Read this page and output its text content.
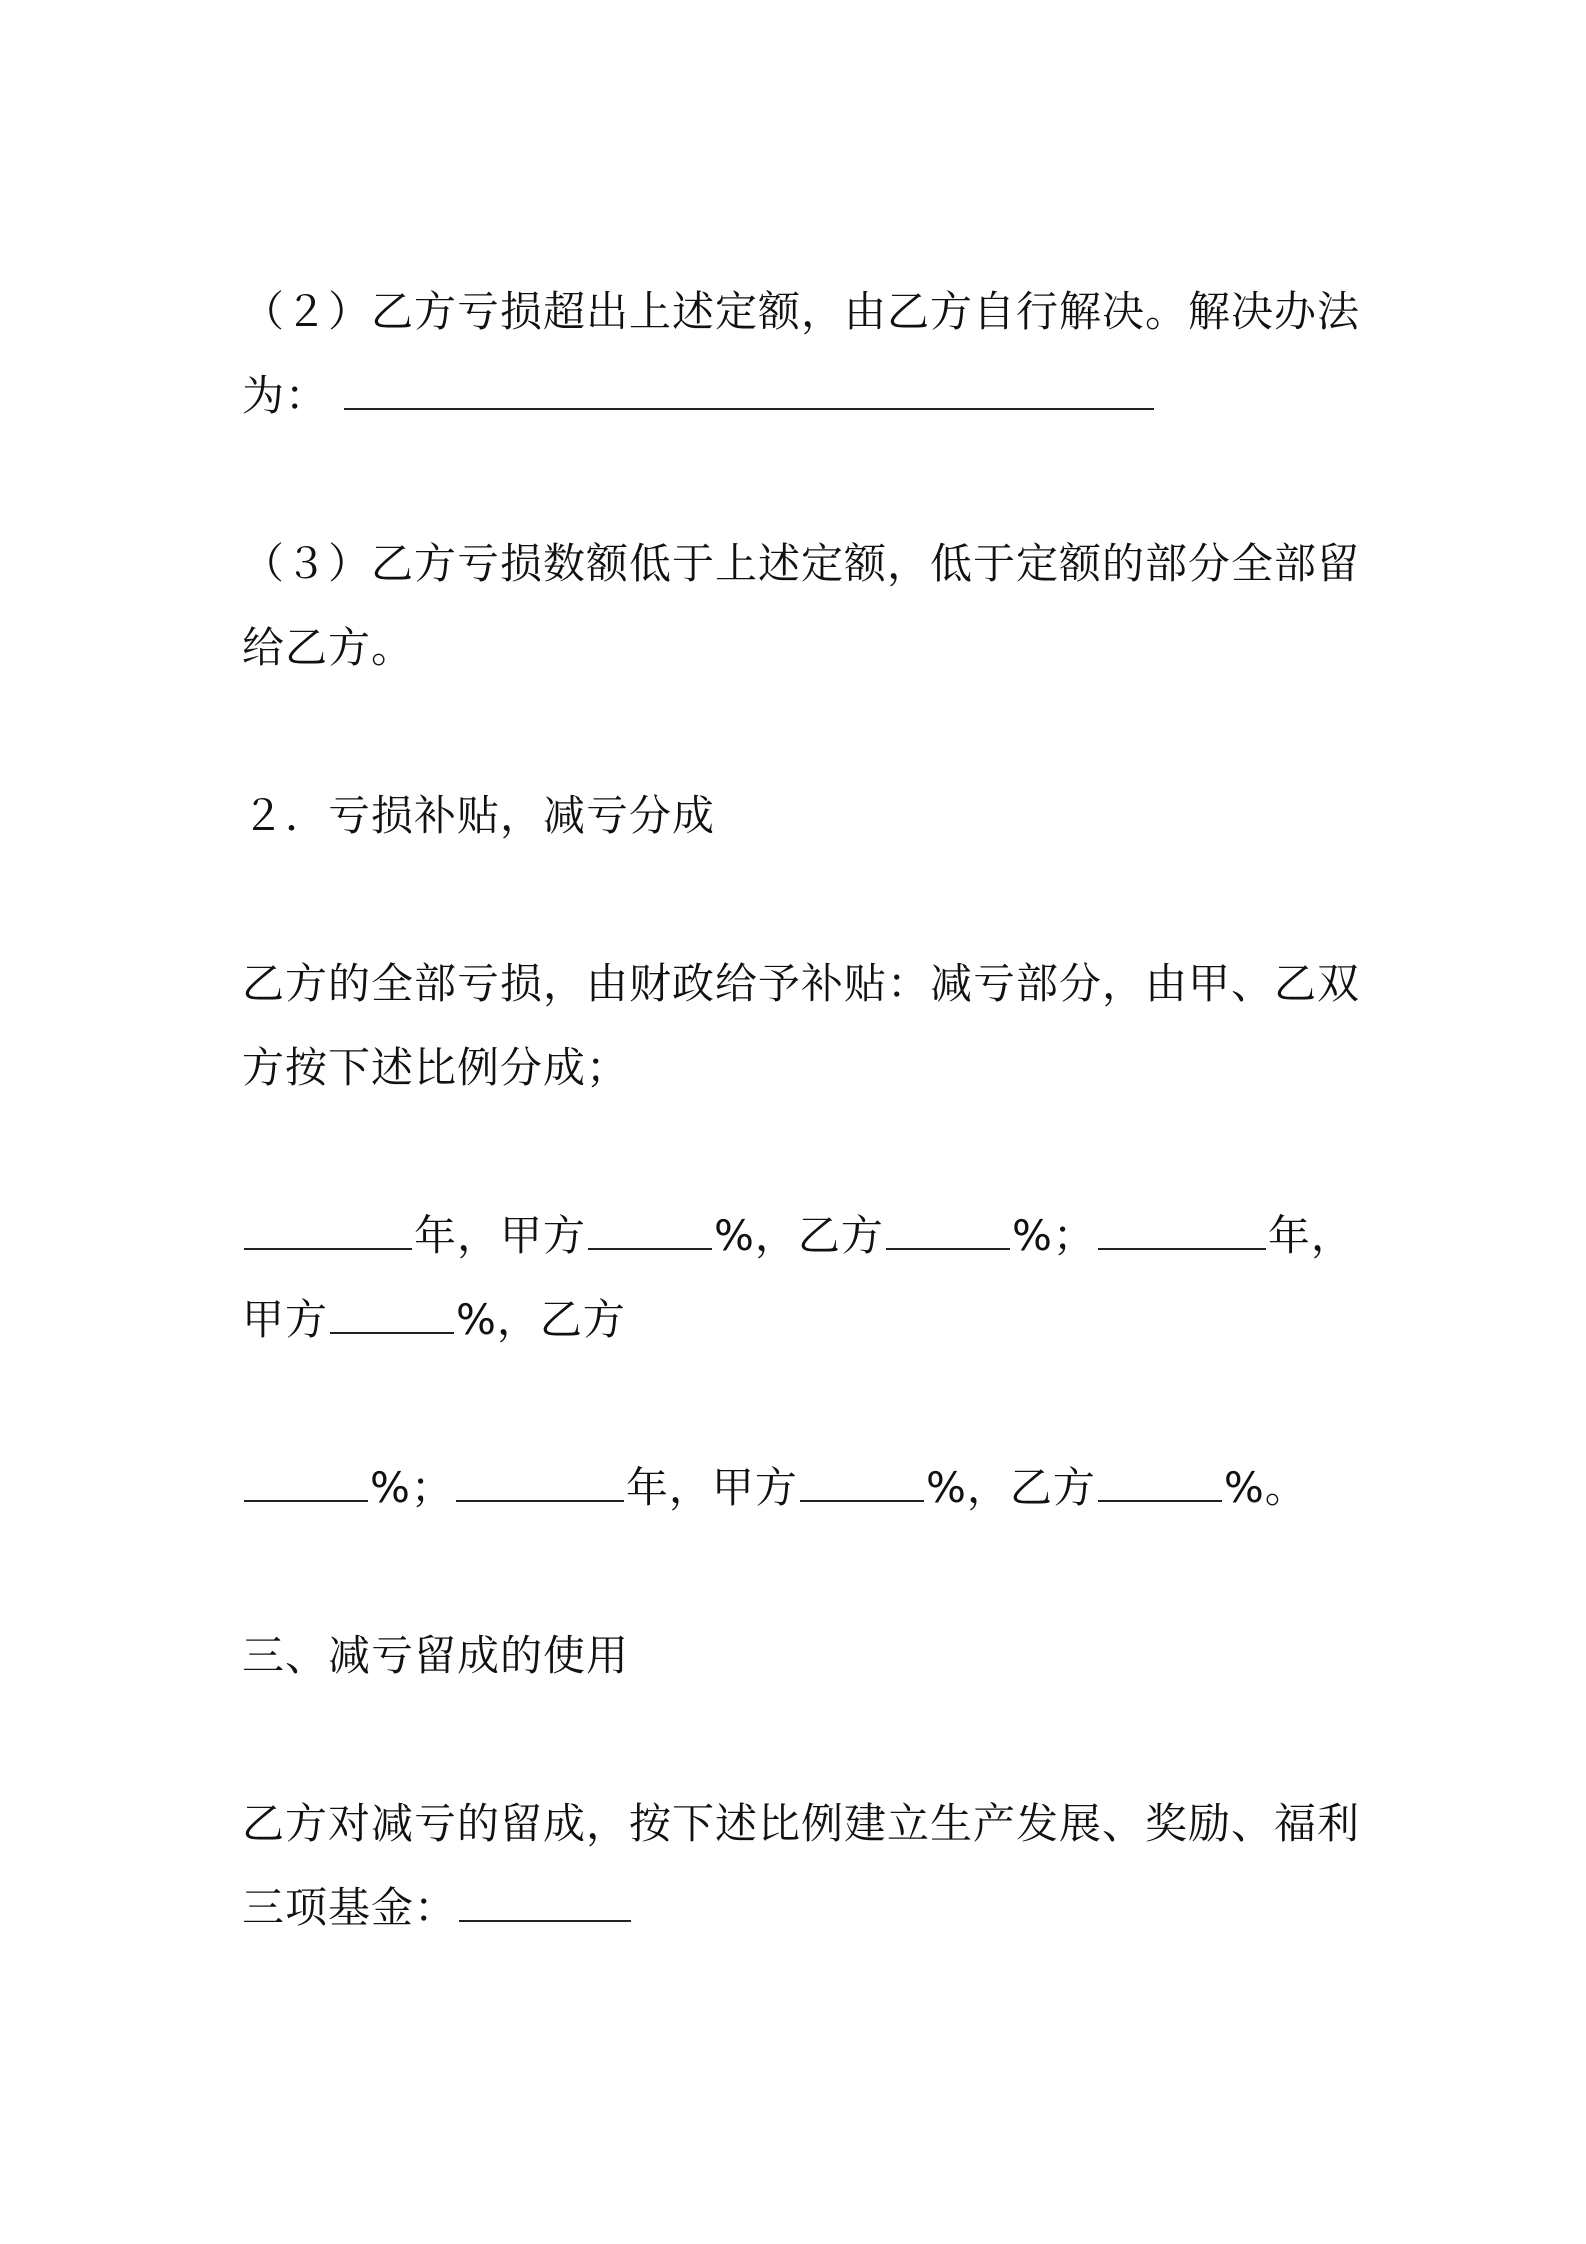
（２）乙方亏损超出上述定额，由乙方自行解决。解决办法
为：

（３）乙方亏损数额低于上述定额，低于定额的部分全部留
给乙方。

２．亏损补贴，减亏分成

乙方的全部亏损，由财政给予补贴：减亏部分，由甲、乙双
方按下述比例分成；

年，甲方	%，乙方	%；	年，
甲方	%，乙方

%；	年，甲方	%，乙方	%。

三、减亏留成的使用

乙方对减亏的留成，按下述比例建立生产发展、奖励、福利
三项基金：
